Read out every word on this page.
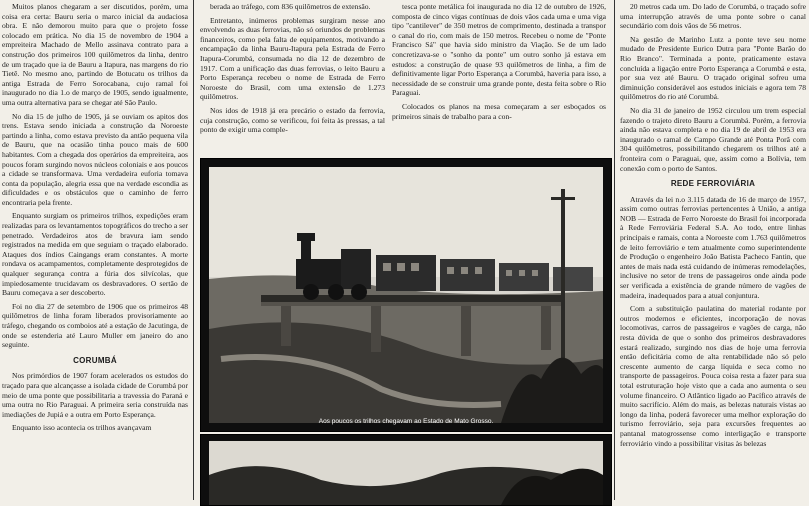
Muitos planos chegaram a ser discutidos, porém, uma coisa era certa: Bauru seria o marco inicial da audaciosa obra. E não demorou muito para que o projeto fosse colocado em prática. No dia 15 de novembro de 1904 a empreiteira Machado de Mello assinava contrato para a construção dos primeiros 100 quilômetros da linha, dentro de um traçado que ia de Bauru a Itapura, nas margens do rio Tietê. No mesmo ano, partindo de Botucatu os trilhos da antiga Estrada de Ferro Sorocabana, cujo ramal foi inaugurado no dia 1.o de março de 1905, sendo igualmente, uma outra alternativa para se chegar até São Paulo.

No dia 15 de julho de 1905, já se ouviam os apitos dos trens. Estava sendo iniciada a construção da Noroeste partindo a linha, como estava previsto da antão pequena vila de Bauru, que na ocasião tinha pouco mais de 600 habitantes. Com a chegada dos operários da empreiteira, aos poucos foram surgindo novos núcleos coloniais e aos poucos a cidade se transformava. Uma verdadeira euforia tomava conta da população, alegria essa que na verdade escondia as dificuldades e os obstáculos que o caminho de ferro encontraria pela frente.

Enquanto surgiam os primeiros trilhos, expedições eram realizadas para os levantamentos topográficos do trecho a ser penetrado. Verdadeiros atos de bravura iam sendo registrados na medida em que seguiam o traçado elaborado. Ataques dos índios Caingangs eram constantes. A morte rondava os acampamentos, completamente desprotegidos de qualquer segurança contra a fúria dos silvícolas, que impiedosamente trucidavam os desbravadores. O sertão de Bauru começava a ser descoberto.

Foi no dia 27 de setembro de 1906 que os primeiros 48 quilômetros de linha foram liberados provisoriamente ao tráfego, chegando os comboios até a estação de Jacutinga, de onde se estenderia até Lauro Muller em janeiro do ano seguinte.

CORUMBÁ

Nos primórdios de 1907 foram acelerados os estudos do traçado para que alcançasse a isolada cidade de Corumbá por meio de uma ponte que possibilitaria a travessia do Paraná e uma outra no Rio Paraguai. A primeira seria construída nas imediações de Jupiá e a outra em Porto Esperança.

Enquanto isso acontecia os trilhos avançavam

berada ao tráfego, com 836 quilômetros de extensão.

Entretanto, inúmeros problemas surgiram nesse ano envolvendo as duas ferrovias, não só oriundos de problemas financeiros, como pela falta de equipamentos, motivando a encampação da linha Bauru-Itapura pela Estrada de Ferro Itapura-Corumbá, consumada no dia 12 de dezembro de 1917. Com a unificação das duas ferrovias, o leito Bauru a Porto Esperança recebeu o nome de Estrada de Ferro Noroeste do Brasil, com uma extensão de 1.273 quilômetros.

Nos idos de 1918 já era precário o estado da ferrovia, cuja construção, como se verificou, foi feita às pressas, a tal ponto de exigir uma comple-

tesca ponte metálica foi inaugurada no dia 12 de outubro de 1926, composta de cinco vigas contínuas de dois vãos cada uma e uma viga tipo "cantilever" de 350 metros de comprimento, destinada a transpor o canal do rio, com mais de 150 metros. Recebeu o nome de "Ponte Francisco Sá" que havia sido ministro da Viação. Se de um lado concretizava-se o "sonho da ponte" um outro sonho já estava em estudos: a construção de quase 93 quilômetros de linha, a fim de definitivamente ligar Porto Esperança a Corumbá, haveria para isso, a necessidade de se construir uma grande ponte, desta feita sobre o Rio Paraguai.

Colocados os planos na mesa começaram a ser esboçados os primeiros sinais de trabalho para a con-

20 metros cada um. Do lado de Corumbá, o traçado sofre uma interrupção através de uma ponte sobre o canal secundário com dois vãos de 56 metros.

Na gestão de Marinho Lutz a ponte teve seu nome mudado de Presidente Eurico Dutra para "Ponte Barão do Rio Branco". Terminada a ponte, praticamente estava concluída a ligação entre Porto Esperança a Corumbá e esta, por sua vez até Bauru. O traçado original sofreu uma diminuição considerável aos estudos iniciais e agora tem 78 quilômetros do rio até Corumbá.

No dia 31 de janeiro de 1952 circulou um trem especial fazendo o trajeto direto Bauru a Corumbá. Porém, a ferrovia ainda não estava completa e no dia 19 de abril de 1953 era inaugurado o ramal de Campo Grande até Ponta Porã com 304 quilômetros, possibilitando chegarem os trilhos até a fronteira com o Paraguai, que, assim como a Bolívia, tem conexão com o porto de Santos.

REDE FERROVIÁRIA

Através da lei n.o 3.115 datada de 16 de março de 1957, assim como outras ferrovias pertencentes à União, a antiga NOB — Estrada de Ferro Noroeste do Brasil foi incorporada à Rede Ferroviária Federal S.A. Ao todo, entre linhas principais e ramais, conta a Noroeste com 1.763 quilômetros de leito ferroviário e tem atualmente como superintendente de Produção o engenheiro João Batista Pacheco Fantin, que antes de mais nada está cuidando de inúmeras remodelações, inclusive no setor de trens de passageiros onde ainda pode ser verificada a existência de grande número de vagões de madeira, inadequados para a atual conjuntura.

Com a substituição paulatina do material rodante por outros modernos e eficientes, incorporação de novas locomotivas, carros de passageiros e vagões de carga, não resta dúvida de que o sonho dos primeiros desbravadores estará realizado, surgindo nos dias de hoje uma ferrovia então deficitária como de alta rentabilidade não só pelo crescente aumento de carga líquida e seca como no transporte de passageiros. Pouca coisa resta a fazer para sua total estruturação hoje visto que a cada ano aumenta o seu volume financeiro. O Atlântico ligado ao Pacífico através de muito sacrifício. Além do mais, as belezas naturais vistas ao longo da linha, poderá favorecer uma melhor exploração do turismo ferroviário, seja para excursões frequentes ao pantanal matogrossense como interligação e transporte ferroviário vindo a possibilitar visitas às belezas

Aos poucos os trilhos chegavam ao Estado de Mato Grosso.
